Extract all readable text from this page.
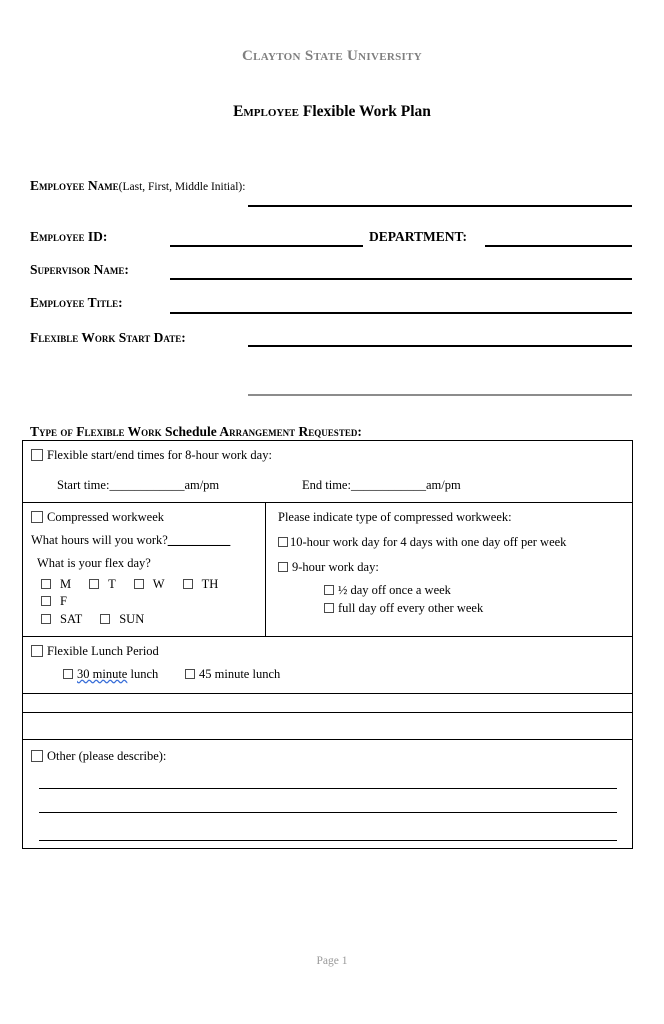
Clayton State University
Employee Flexible Work Plan
Employee Name(Last, First, Middle Initial):
Employee ID:	DEPARTMENT:
Supervisor Name:
Employee Title:
Flexible Work Start Date:
Type of Flexible Work Schedule Arrangement Requested:
Flexible start/end times for 8-hour work day:
Start time:____________am/pm	End time:____________am/pm

Compressed workweek
What hours will you work?__________
What is your flex day?
M	T	W	THF
SAT	SUN

Please indicate type of compressed workweek:
10-hour work day for 4 days with one day off per week
9-hour work day:
½ day off once a week
full day off every other week

Flexible Lunch Period
30 minute lunch	45 minute lunch

Other (please describe):
Page 1
